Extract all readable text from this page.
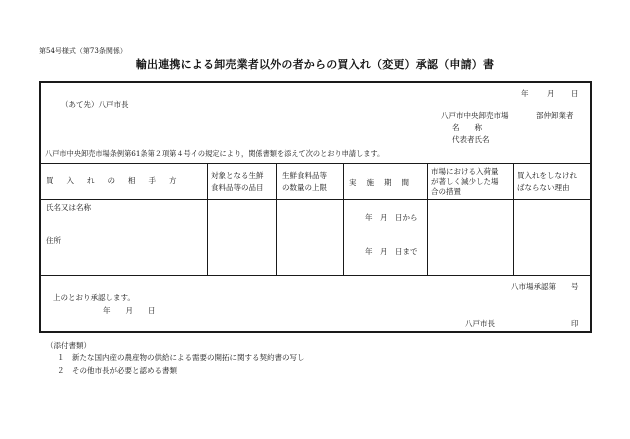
第54号様式（第73条関係）
輸出連携による卸売業者以外の者からの買入れ（変更）承認（申請）書
年 月 日
（あて先）八戸市長
八戸市中央卸売市場	部仲卸業者
名　　称
代表者氏名
八戸市中央卸売市場条例第61条第２項第４号イの規定により，関係書類を添えて次のとおり申請します。
買入れの相手方
対象となる生鮮
食料品等の品目
生鮮食料品等
の数量の上限
実施期間
市場における入荷量
が著しく減少した場
合の措置
買入れをしなけれ
ばならない理由
氏名又は名称
住所
年　月　日から
年　月　日まで
八市場承認第　　号
上のとおり承認します。
年　　月　　日
八戸市長	印
（添付書類）
１　新たな国内産の農産物の供給による需要の開拓に関する契約書の写し
２　その他市長が必要と認める書類
